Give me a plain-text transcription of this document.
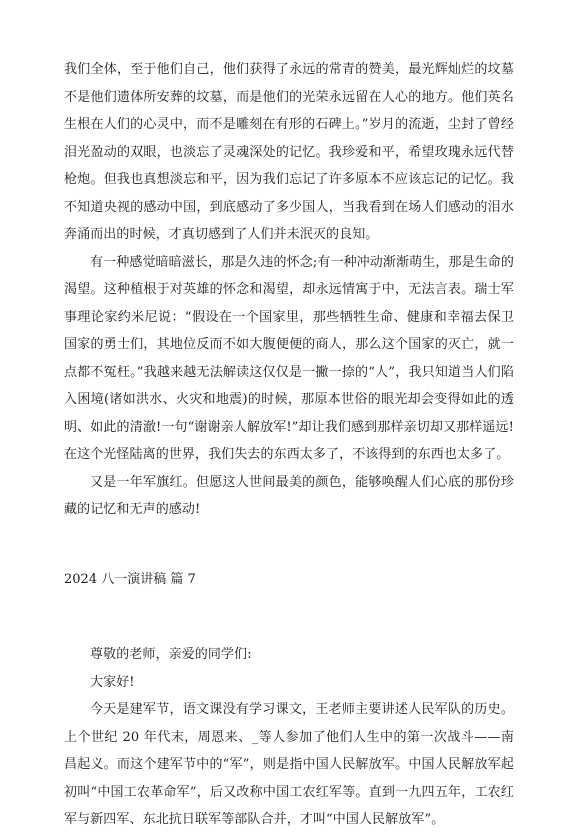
我们全体，至于他们自己，他们获得了永远的常青的赞美，最光辉灿烂的坟墓不是他们遗体所安葬的坟墓，而是他们的光荣永远留在人心的地方。他们英名生根在人们的心灵中，而不是雕刻在有形的石碑上。”岁月的流逝，尘封了曾经泪光盈动的双眼，也淡忘了灵魂深处的记忆。我珍爱和平，希望玫瑰永远代替枪炮。但我也真想淡忘和平，因为我们忘记了许多原本不应该忘记的记忆。我不知道央视的感动中国，到底感动了多少国人，当我看到在场人们感动的泪水奔涌而出的时候，才真切感到了人们并未泯灭的良知。

有一种感觉暗暗滋长，那是久违的怀念;有一种冲动渐渐萌生，那是生命的渴望。这种植根于对英雄的怀念和渴望，却永远情寓于中，无法言表。瑞士军事理论家约米尼说：“假设在一个国家里，那些牺牲生命、健康和幸福去保卫国家的勇士们，其地位反而不如大腹便便的商人，那么这个国家的灭亡，就一点都不冤枉。”我越来越无法解读这仅仅是一撇一捺的“人”，我只知道当人们陷入困境(诸如洪水、火灾和地震)的时候，那原本世俗的眼光却会变得如此的透明、如此的清澈!一句“谢谢亲人解放军!”却让我们感到那样亲切却又那样遥远!在这个光怪陆离的世界，我们失去的东西太多了，不该得到的东西也太多了。

又是一年军旗红。但愿这人世间最美的颜色，能够唤醒人们心底的那份珍藏的记忆和无声的感动!

2024 八一演讲稿 篇 7

尊敬的老师，亲爱的同学们:

大家好!

今天是建军节，语文课没有学习课文，王老师主要讲述人民军队的历史。上个世纪 20 年代末，周恩来、_等人参加了他们人生中的第一次战斗——南昌起义。而这个建军节中的“军”，则是指中国人民解放军。中国人民解放军起初叫“中国工农革命军”，后又改称中国工农红军等。直到一九四五年，工农红军与新四军、东北抗日联军等部队合并，才叫“中国人民解放军”。
